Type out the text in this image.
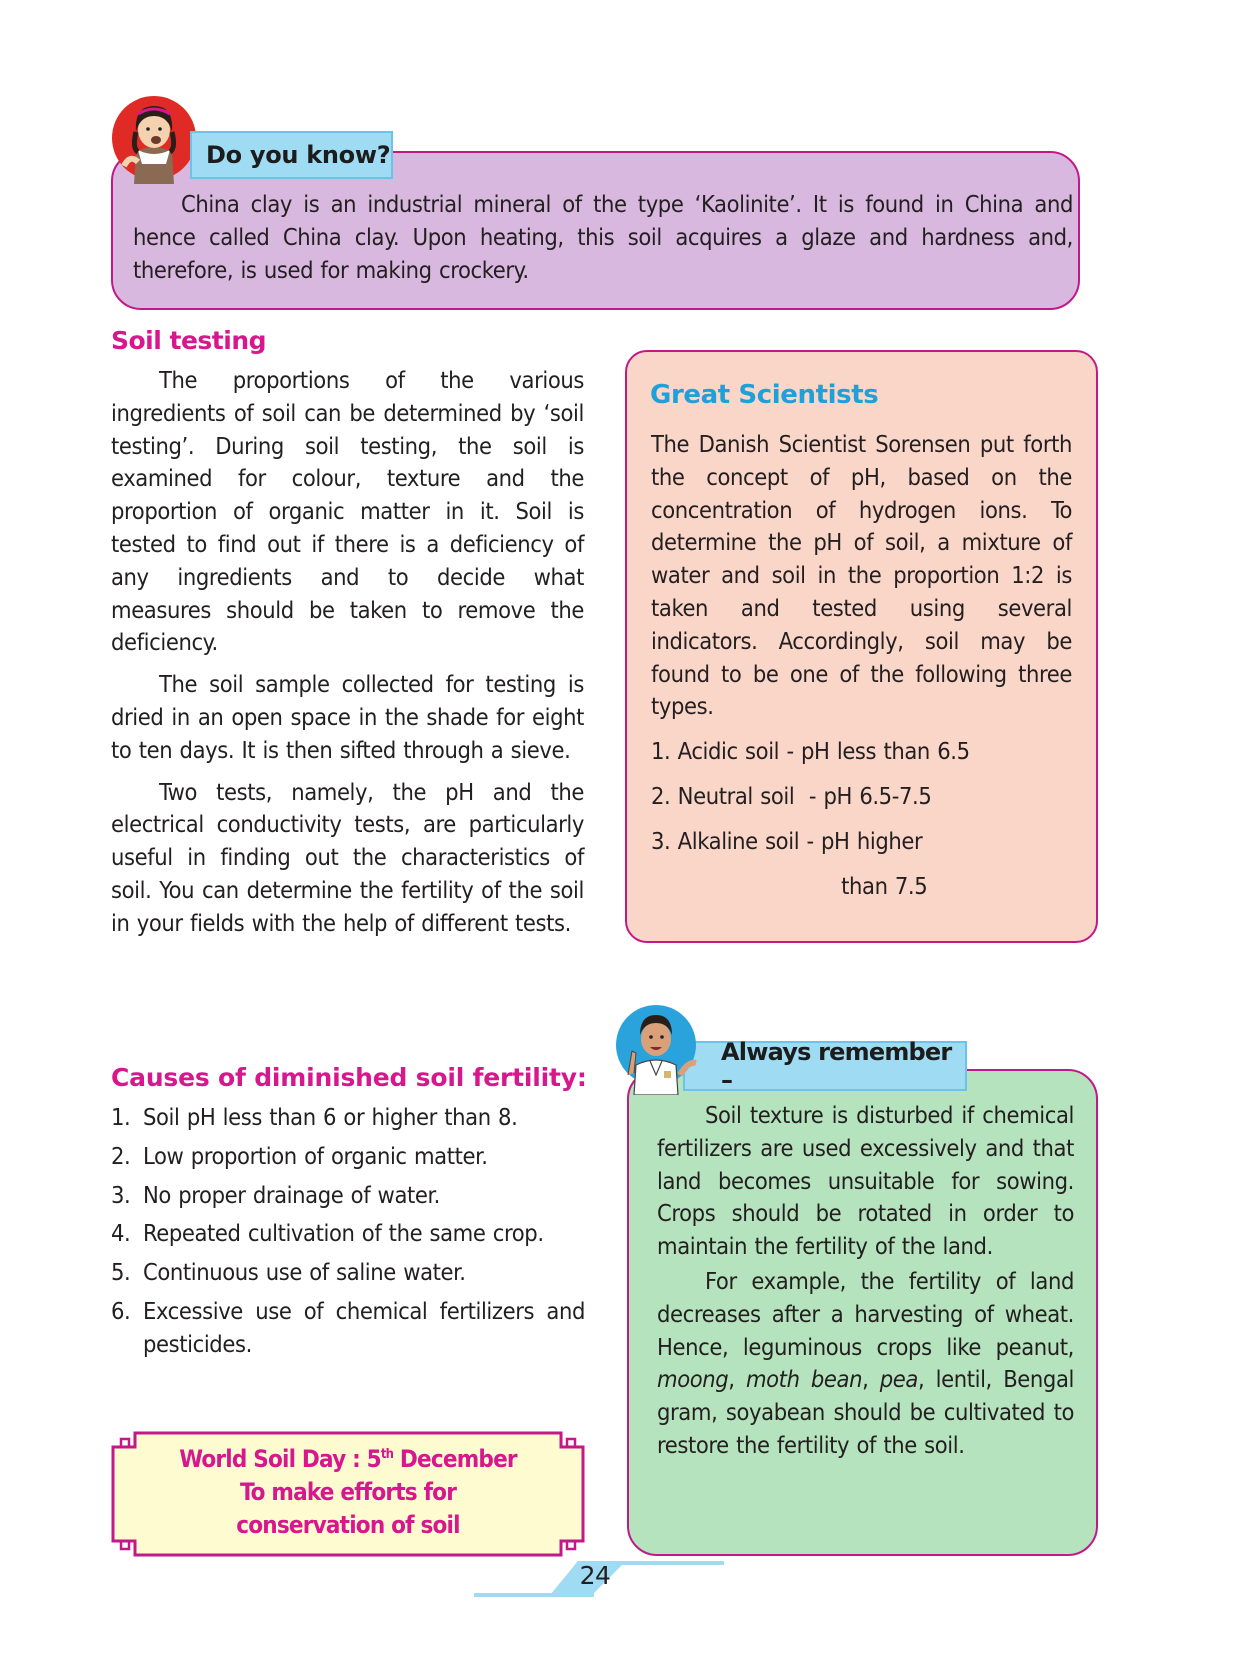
Do you know?

China clay is an industrial mineral of the type ‘Kaolinite’. It is found in China and hence called China clay. Upon heating, this soil acquires a glaze and hardness and, therefore, is used for making crockery.

Soil testing

The proportions of the various ingredients of soil can be determined by ‘soil testing’. During soil testing, the soil is examined for colour, texture and the proportion of organic matter in it. Soil is tested to find out if there is a deficiency of any ingredients and to decide what measures should be taken to remove the deficiency.

The soil sample collected for testing is dried in an open space in the shade for eight to ten days. It is then sifted through a sieve.

Two tests, namely, the pH and the electrical conductivity tests, are particularly useful in finding out the characteristics of soil. You can determine the fertility of the soil in your fields with the help of different tests.

Causes of diminished soil fertility:
1. Soil pH less than 6 or higher than 8.
2. Low proportion of organic matter.
3. No proper drainage of water.
4. Repeated cultivation of the same crop.
5. Continuous use of saline water.
6. Excessive use of chemical fertilizers and pesticides.
World Soil Day : 5th December
To make efforts for
conservation of soil
Great Scientists

The Danish Scientist Sorensen put forth the concept of pH, based on the concentration of hydrogen ions. To determine the pH of soil, a mixture of water and soil in the proportion 1:2 is taken and tested using several indicators. Accordingly, soil may be found to be one of the following three types.

1. Acidic soil - pH less than 6.5
2. Neutral soil  - pH 6.5-7.5
3. Alkaline soil - pH higher
than 7.5
Always remember –

Soil texture is disturbed if chemical fertilizers are used excessively and that land becomes unsuitable for sowing. Crops should be rotated in order to maintain the fertility of the land.

For example, the fertility of land decreases after a harvesting of wheat. Hence, leguminous crops like peanut, moong, moth bean, pea, lentil, Bengal gram, soyabean should be cultivated to restore the fertility of the soil.

24
